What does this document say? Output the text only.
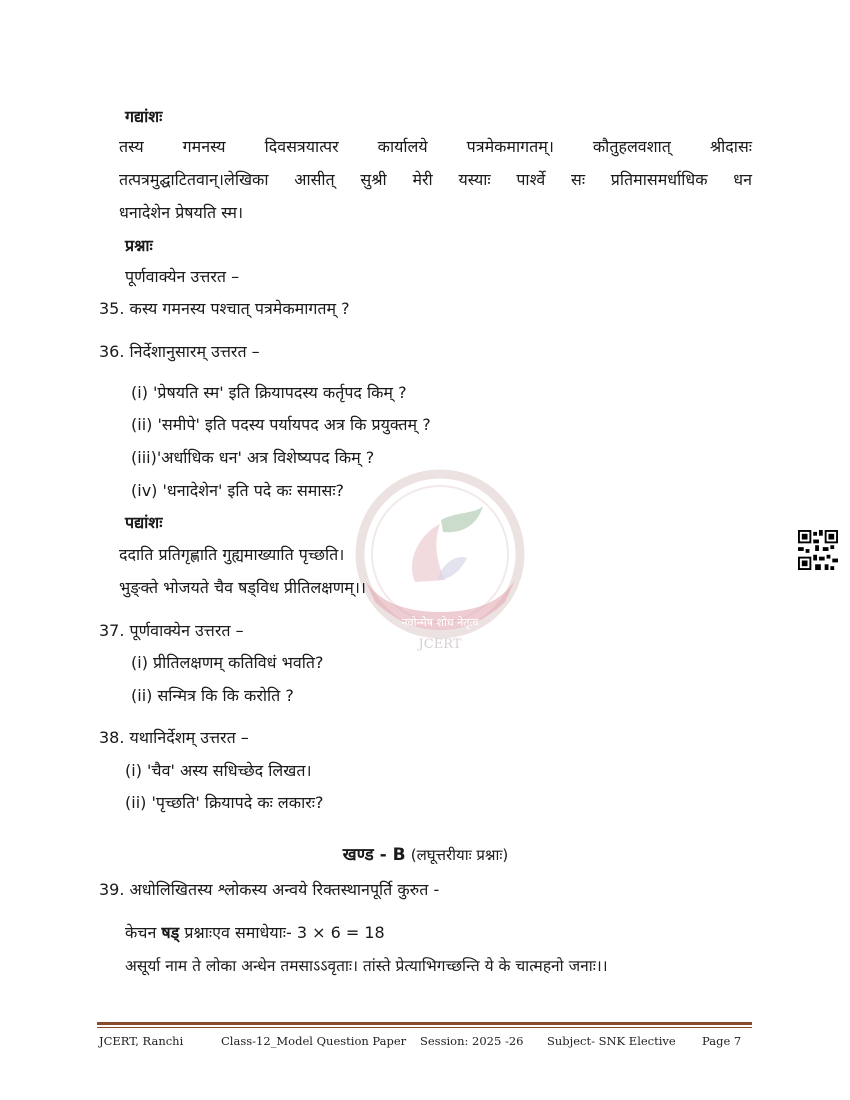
नवोन्मेष शोध नेतृत्व
JCERT
गद्यांशः
तस्य गमनस्य दिवसत्रयात्पर कार्यालये पत्रमेकमागतम्। कौतुहलवशात् श्रीदासः
तत्पत्रमुद्घाटितवान्।लेखिका आसीत् सुश्री मेरी यस्याः पार्श्वे सः प्रतिमासमर्धाधिक धन
धनादेशेन प्रेषयति स्म।
प्रश्नाः
पूर्णवाक्येन उत्तरत –
35. कस्य गमनस्य पश्चात् पत्रमेकमागतम् ?
36. निर्देशानुसारम् उत्तरत –
(i) 'प्रेषयति स्म' इति क्रियापदस्य कर्तृपद किम् ?
(ii) 'समीपे' इति पदस्य पर्यायपद अत्र कि प्रयुक्तम् ?
(iii)'अर्धाधिक धन' अत्र विशेष्यपद किम् ?
(iv) 'धनादेशेन' इति पदे कः समासः?
पद्यांशः
ददाति प्रतिगृह्णाति गुह्यमाख्याति पृच्छति।
भुङ्क्ते भोजयते चैव षड्विध प्रीतिलक्षणम्।।
37. पूर्णवाक्येन उत्तरत –
(i) प्रीतिलक्षणम् कतिविधं भवति?
(ii) सन्मित्र कि कि करोति ?
38. यथानिर्देशम् उत्तरत –
(i) 'चैव' अस्य सधिच्छेद लिखत।
(ii) 'पृच्छति' क्रियापदे कः लकारः?
खण्ड - B (लघूत्तरीयाः प्रश्नाः)
39. अधोलिखितस्य श्लोकस्य अन्वये रिक्तस्थानपूर्ति कुरुत -
केचन षड् प्रश्नाःएव समाधेयाः- 3 × 6 = 18
असूर्या नाम ते लोका अन्धेन तमसाऽऽवृताः। तांस्ते प्रेत्याभिगच्छन्ति ये के चात्महनो जनाः।।
JCERT, Ranchi	Class-12_Model Question Paper Session: 2025 -26 Subject- SNK Elective Page 7
